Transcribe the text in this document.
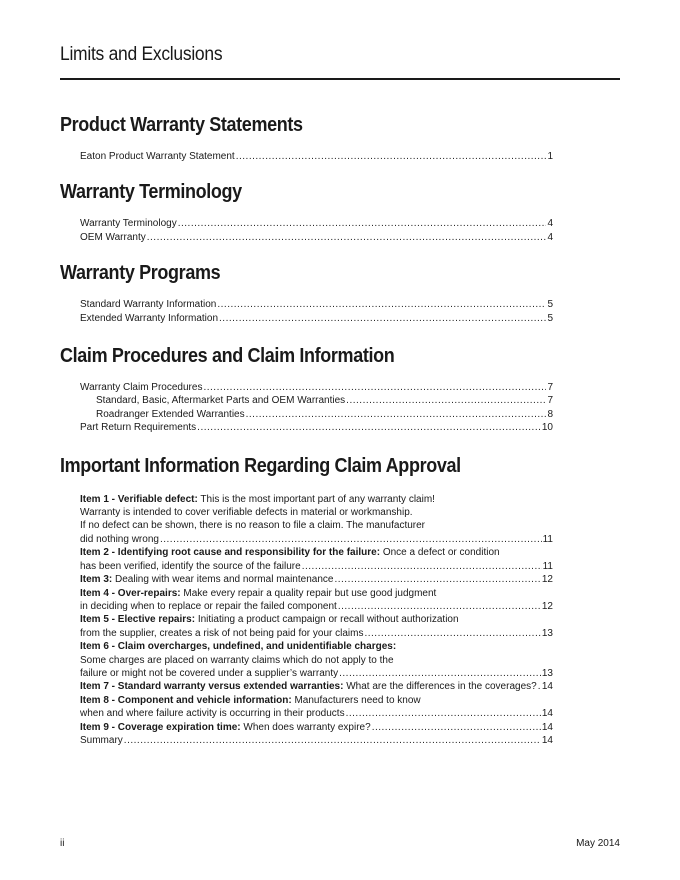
Limits and Exclusions
Product Warranty Statements
Eaton Product Warranty Statement .....	1
Warranty Terminology
Warranty Terminology .....	4
OEM Warranty .....	4
Warranty Programs
Standard Warranty Information .....	5
Extended Warranty Information .....	5
Claim Procedures and Claim Information
Warranty Claim Procedures .....	7
Standard, Basic, Aftermarket Parts and OEM Warranties .....	7
Roadranger Extended Warranties .....	8
Part Return Requirements .....	10
Important Information Regarding Claim Approval
Item 1 - Verifiable defect: This is the most important part of any warranty claim!
Warranty is intended to cover verifiable defects in material or workmanship.
If no defect can be shown, there is no reason to file a claim. The manufacturer
did nothing wrong .....	11
Item 2 - Identifying root cause and responsibility for the failure: Once a defect or condition
has been verified, identify the source of the failure .....	11
Item 3: Dealing with wear items and normal maintenance .....	12
Item 4 - Over-repairs: Make every repair a quality repair but use good judgment
in deciding when to replace or repair the failed component .....	12
Item 5 - Elective repairs: Initiating a product campaign or recall without authorization
from the supplier, creates a risk of not being paid for your claims .....	13
Item 6 - Claim overcharges, undefined, and unidentifiable charges:
Some charges are placed on warranty claims which do not apply to the
failure or might not be covered under a supplier’s warranty .....	13
Item 7 - Standard warranty versus extended warranties: What are the differences in the coverages? ..... 14
Item 8 - Component and vehicle information: Manufacturers need to know
when and where failure activity is occurring in their products .....	14
Item 9 - Coverage expiration time: When does warranty expire? .....	14
Summary .....	14
ii	May 2014
